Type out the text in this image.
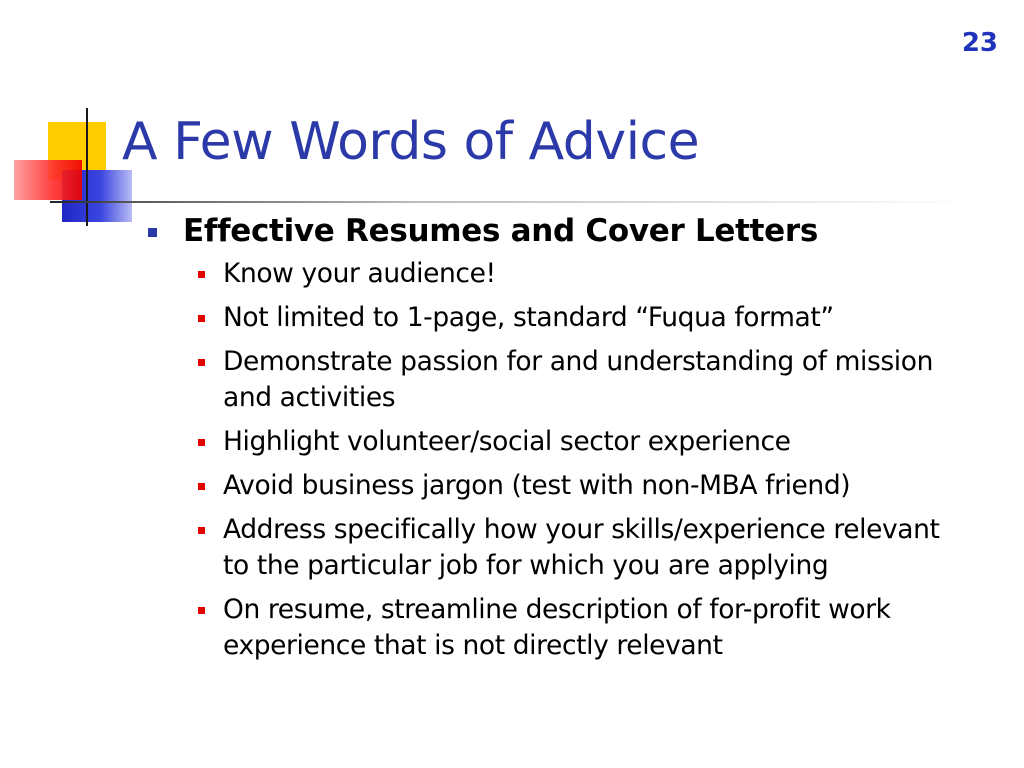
23
A Few Words of Advice
Effective Resumes and Cover Letters
Know your audience!
Not limited to 1-page, standard “Fuqua format”
Demonstrate passion for and understanding of mission and activities
Highlight volunteer/social sector experience
Avoid business jargon (test with non-MBA friend)
Address specifically how your skills/experience relevant to the particular job for which you are applying
On resume, streamline description of for-profit work experience that is not directly relevant
